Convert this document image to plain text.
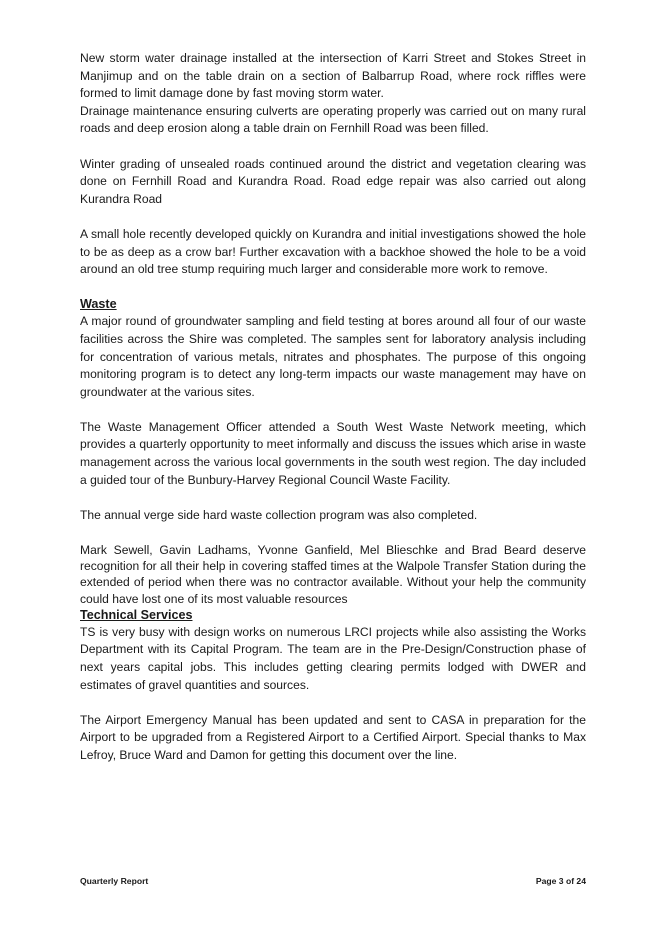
New storm water drainage installed at the intersection of Karri Street and Stokes Street in Manjimup and on the table drain on a section of Balbarrup Road, where rock riffles were formed to limit damage done by fast moving storm water.

Drainage maintenance ensuring culverts are operating properly was carried out on many rural roads and deep erosion along a table drain on Fernhill Road was been filled.

Winter grading of unsealed roads continued around the district and vegetation clearing was done on Fernhill Road and Kurandra Road. Road edge repair was also carried out along Kurandra Road

A small hole recently developed quickly on Kurandra and initial investigations showed the hole to be as deep as a crow bar! Further excavation with a backhoe showed the hole to be a void around an old tree stump requiring much larger and considerable more work to remove.

Waste

A major round of groundwater sampling and field testing at bores around all four of our waste facilities across the Shire was completed. The samples sent for laboratory analysis including for concentration of various metals, nitrates and phosphates. The purpose of this ongoing monitoring program is to detect any long-term impacts our waste management may have on groundwater at the various sites.

The Waste Management Officer attended a South West Waste Network meeting, which provides a quarterly opportunity to meet informally and discuss the issues which arise in waste management across the various local governments in the south west region. The day included a guided tour of the Bunbury-Harvey Regional Council Waste Facility.

The annual verge side hard waste collection program was also completed.

Mark Sewell, Gavin Ladhams, Yvonne Ganfield, Mel Blieschke and Brad Beard deserve recognition for all their help in covering staffed times at the Walpole Transfer Station during the extended of period when there was no contractor available. Without your help the community could have lost one of its most valuable resources

Technical Services

TS is very busy with design works on numerous LRCI projects while also assisting the Works Department with its Capital Program. The team are in the Pre-Design/Construction phase of next years capital jobs. This includes getting clearing permits lodged with DWER and estimates of gravel quantities and sources.

The Airport Emergency Manual has been updated and sent to CASA in preparation for the Airport to be upgraded from a Registered Airport to a Certified Airport. Special thanks to Max Lefroy, Bruce Ward and Damon for getting this document over the line.

Quarterly Report	Page 3 of 24
